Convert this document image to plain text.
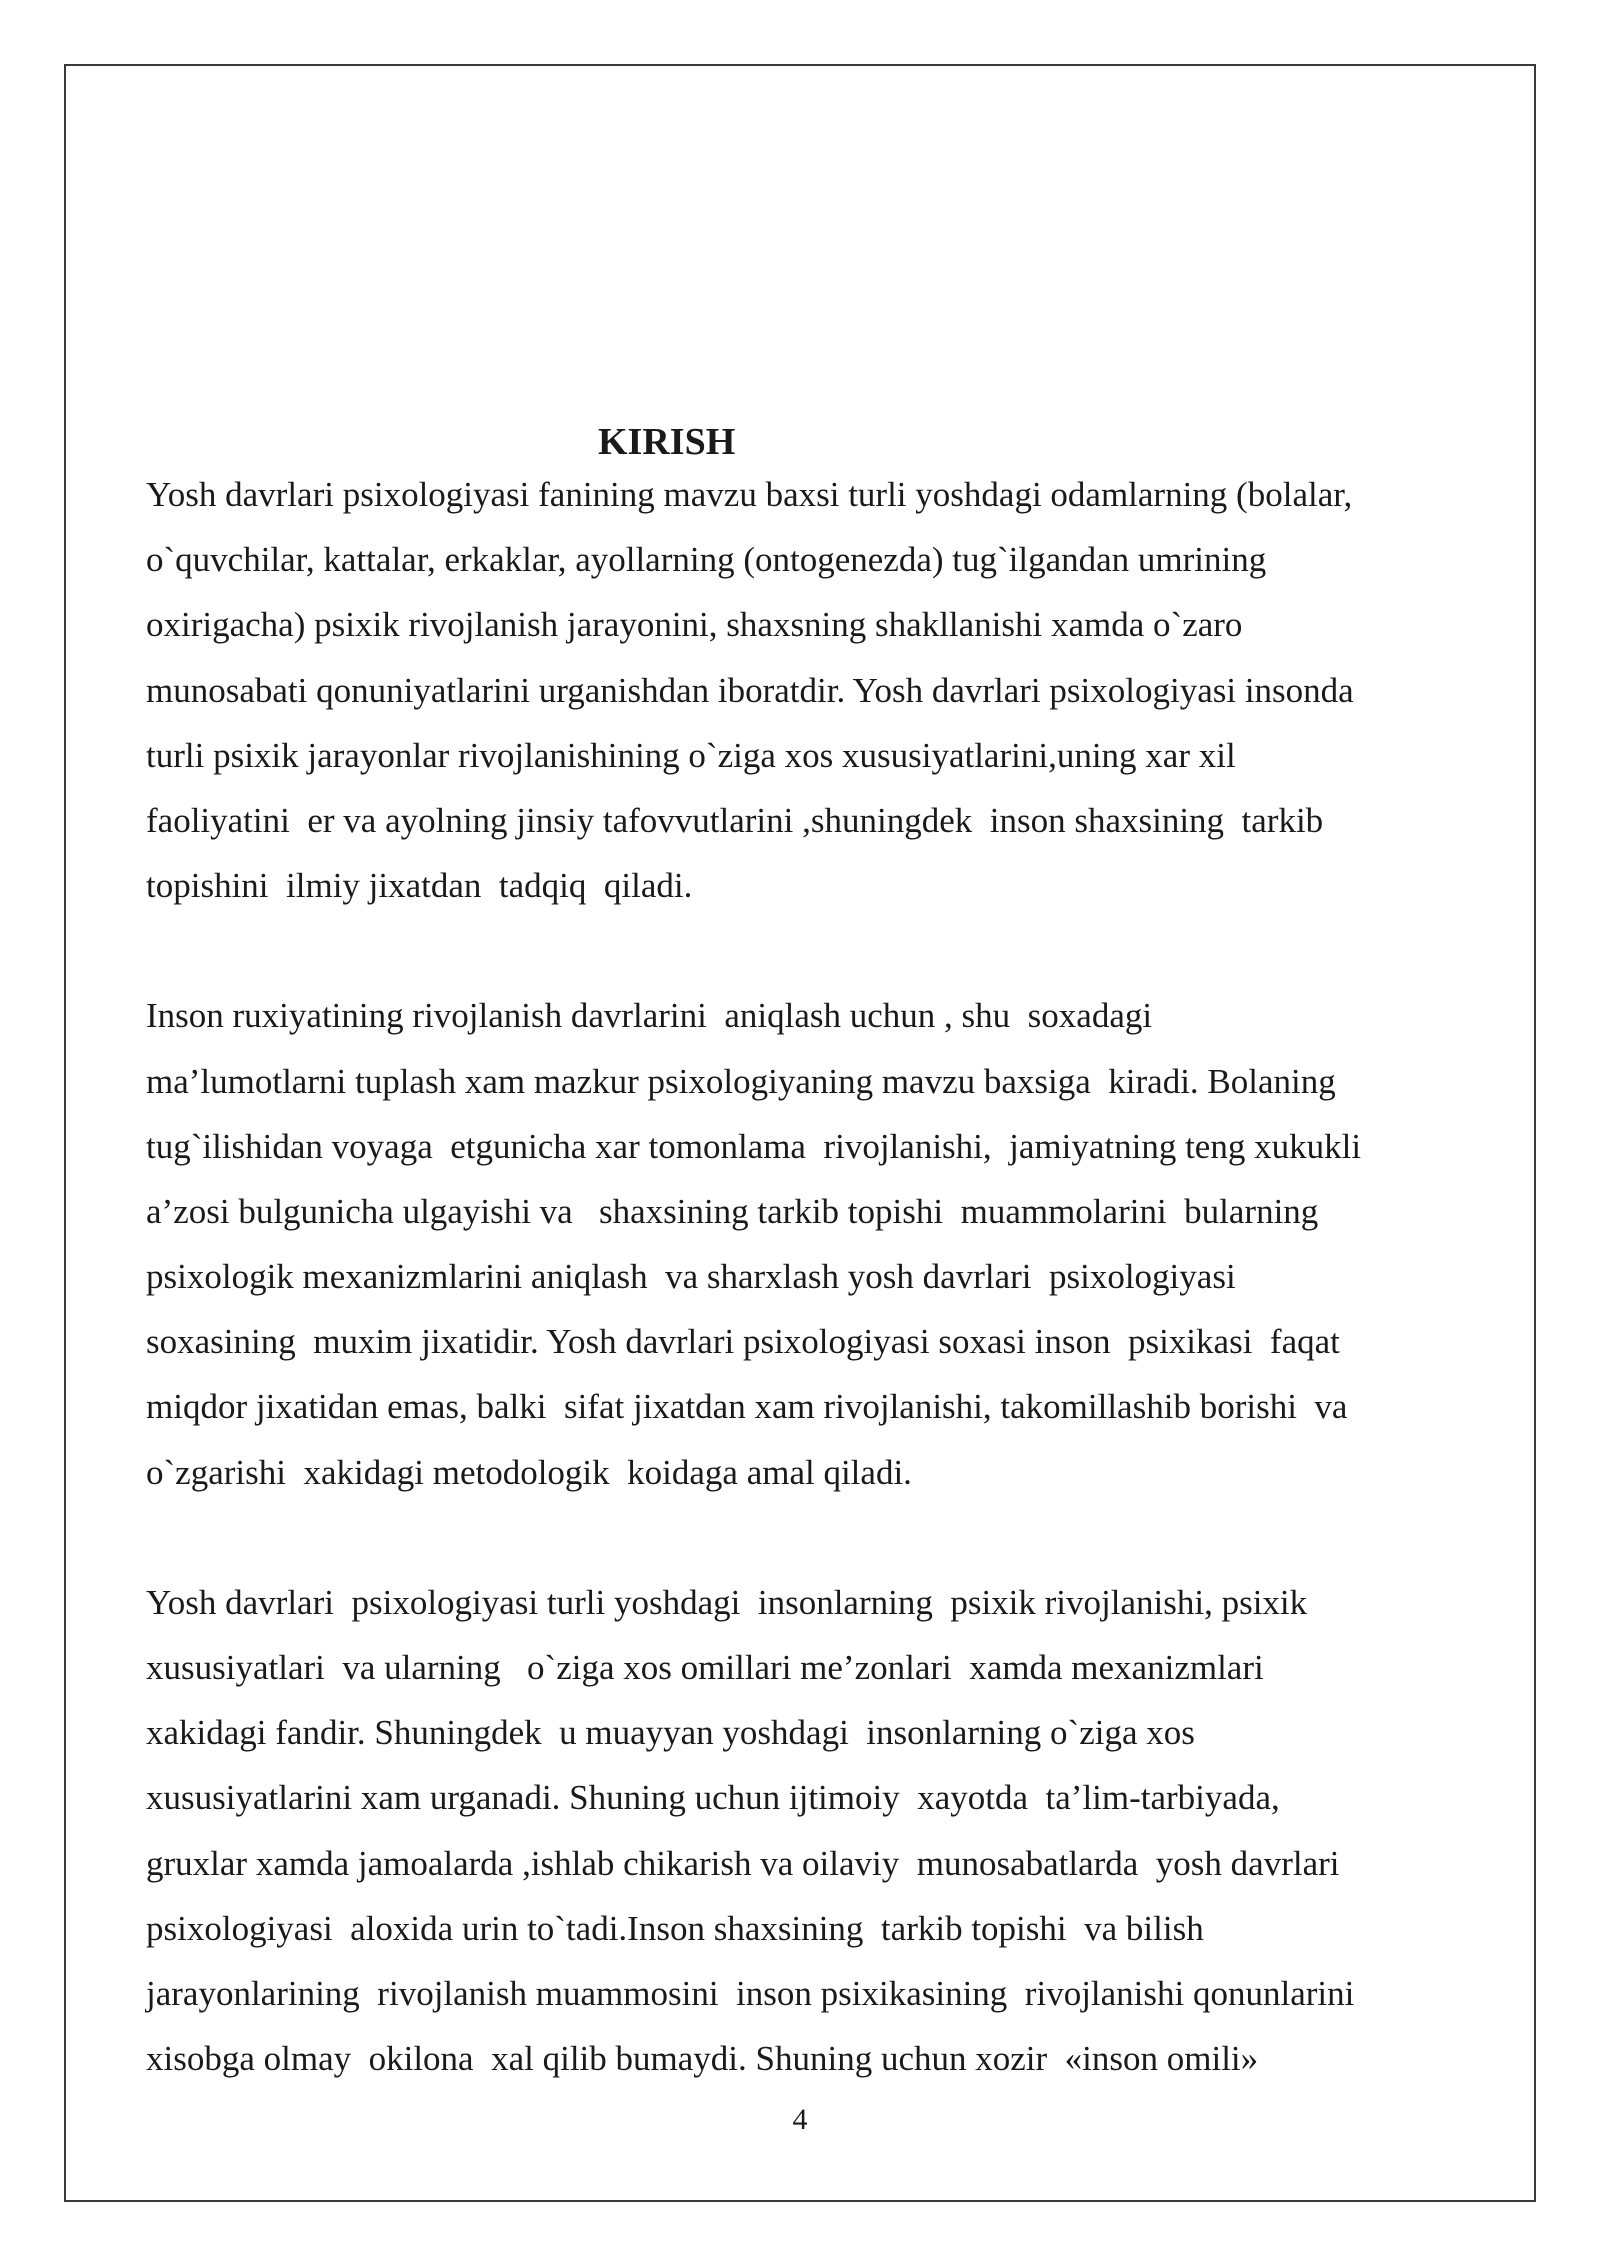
KIRISH

Yosh davrlari psixologiyasi fanining mavzu baxsi turli yoshdagi odamlarning (bolalar,
o`quvchilar, kattalar, erkaklar, ayollarning (ontogenezda) tug`ilgandan umrining
oxirigacha) psixik rivojlanish jarayonini, shaxsning shakllanishi xamda o`zaro
munosabati qonuniyatlarini urganishdan iboratdir. Yosh davrlari psixologiyasi insonda
turli psixik jarayonlar rivojlanishining o`ziga xos xususiyatlarini,uning xar xil
faoliyatini  er va ayolning jinsiy tafovvutlarini ,shuningdek  inson shaxsining  tarkib
topishini  ilmiy jixatdan  tadqiq  qiladi.

Inson ruxiyatining rivojlanish davrlarini  aniqlash uchun , shu  soxadagi
ma’lumotlarni tuplash xam mazkur psixologiyaning mavzu baxsiga  kiradi. Bolaning
tug`ilishidan voyaga  etgunicha xar tomonlama  rivojlanishi,  jamiyatning teng xukukli
a’zosi bulgunicha ulgayishi va   shaxsining tarkib topishi  muammolarini  bularning
psixologik mexanizmlarini aniqlash  va sharxlash yosh davrlari  psixologiyasi
soxasining  muxim jixatidir. Yosh davrlari psixologiyasi soxasi inson  psixikasi  faqat
miqdor jixatidan emas, balki  sifat jixatdan xam rivojlanishi, takomillashib borishi  va
o`zgarishi  xakidagi metodologik  koidaga amal qiladi.

Yosh davrlari  psixologiyasi turli yoshdagi  insonlarning  psixik rivojlanishi, psixik
xususiyatlari  va ularning   o`ziga xos omillari me’zonlari  xamda mexanizmlari
xakidagi fandir. Shuningdek  u muayyan yoshdagi  insonlarning o`ziga xos
xususiyatlarini xam urganadi. Shuning uchun ijtimoiy  xayotda  ta’lim-tarbiyada,
gruxlar xamda jamoalarda ,ishlab chikarish va oilaviy  munosabatlarda  yosh davrlari
psixologiyasi  aloxida urin to`tadi.Inson shaxsining  tarkib topishi  va bilish
jarayonlarining  rivojlanish muammosini  inson psixikasining  rivojlanishi qonunlarini
xisobga olmay  okilona  xal qilib bumaydi. Shuning uchun xozir  «inson omili»

4
